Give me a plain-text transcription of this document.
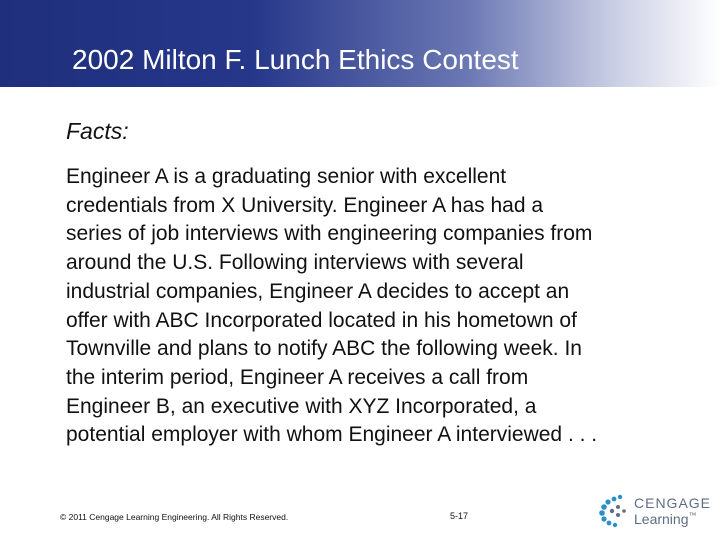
2002 Milton F. Lunch Ethics Contest
Facts:
Engineer A is a graduating senior with excellent
credentials from X University. Engineer A has had a
series of job interviews with engineering companies from
around the U.S. Following interviews with several
industrial companies, Engineer A decides to accept an
offer with ABC Incorporated located in his hometown of
Townville and plans to notify ABC the following week. In
the interim period, Engineer A receives a call from
Engineer B, an executive with XYZ Incorporated, a
potential employer with whom Engineer A interviewed . . .
© 2011 Cengage Learning Engineering. All Rights Reserved.	5-17
CENGAGE
Learning™
